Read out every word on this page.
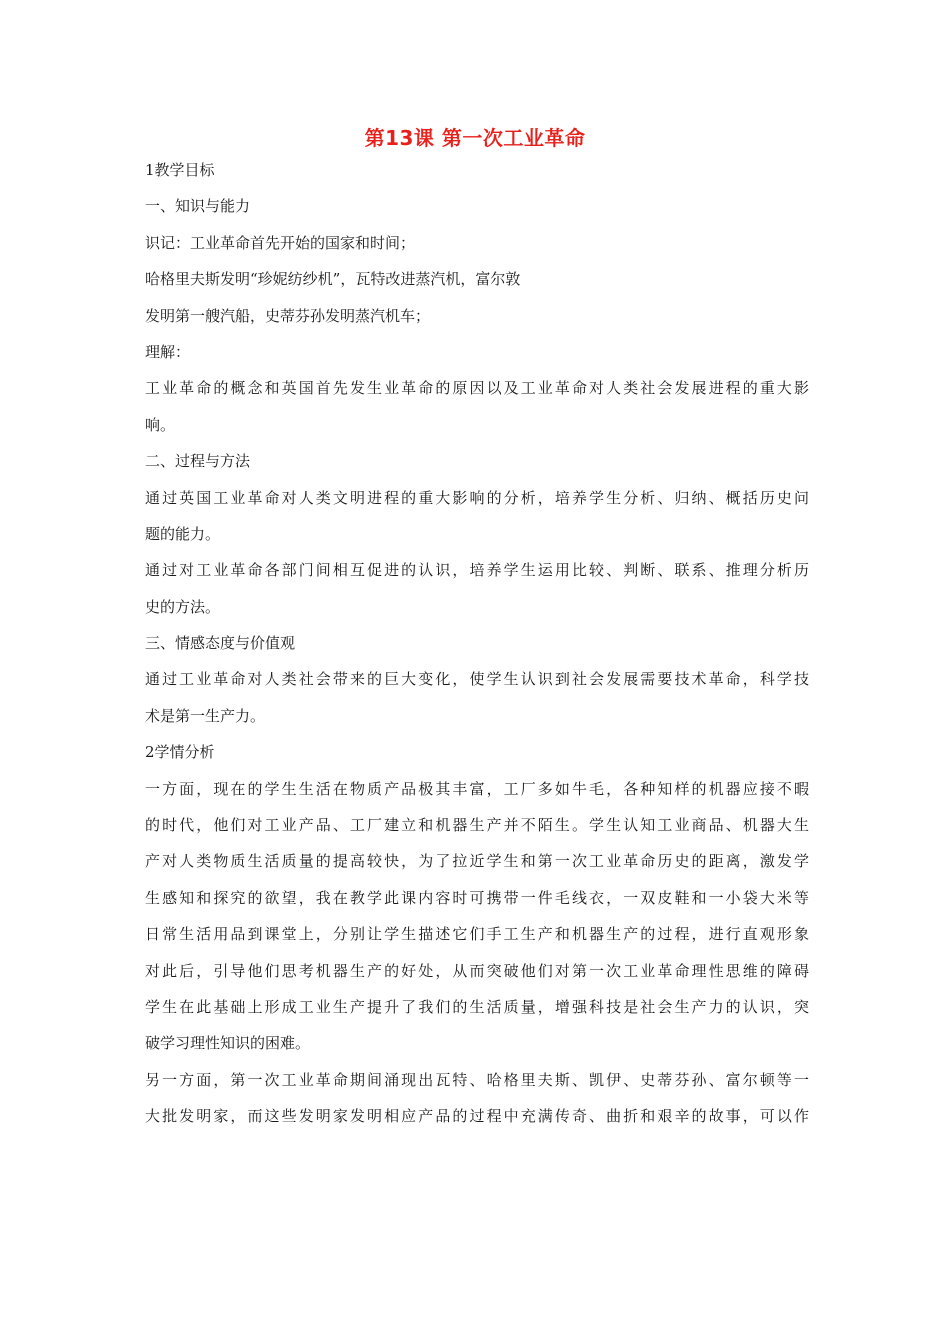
第13课 第一次工业革命
1教学目标
一、知识与能力
识记：工业革命首先开始的国家和时间；
哈格里夫斯发明“珍妮纺纱机”，瓦特改进蒸汽机，富尔敦
发明第一艘汽船，史蒂芬孙发明蒸汽机车；
理解：
工业革命的概念和英国首先发生业革命的原因以及工业革命对人类社会发展进程的重大影
响。
二、过程与方法
通过英国工业革命对人类文明进程的重大影响的分析，培养学生分析、归纳、概括历史问
题的能力。
通过对工业革命各部门间相互促进的认识，培养学生运用比较、判断、联系、推理分析历
史的方法。
三、情感态度与价值观
通过工业革命对人类社会带来的巨大变化，使学生认识到社会发展需要技术革命，科学技
术是第一生产力。
2学情分析
一方面，现在的学生生活在物质产品极其丰富，工厂多如牛毛，各种知样的机器应接不暇
的时代，他们对工业产品、工厂建立和机器生产并不陌生。学生认知工业商品、机器大生
产对人类物质生活质量的提高较快，为了拉近学生和第一次工业革命历史的距离，激发学
生感知和探究的欲望，我在教学此课内容时可携带一件毛线衣，一双皮鞋和一小袋大米等
日常生活用品到课堂上，分别让学生描述它们手工生产和机器生产的过程，进行直观形象
对此后，引导他们思考机器生产的好处，从而突破他们对第一次工业革命理性思维的障碍
学生在此基础上形成工业生产提升了我们的生活质量，增强科技是社会生产力的认识，突
破学习理性知识的困难。
另一方面，第一次工业革命期间涌现出瓦特、哈格里夫斯、凯伊、史蒂芬孙、富尔顿等一
大批发明家，而这些发明家发明相应产品的过程中充满传奇、曲折和艰辛的故事，可以作
